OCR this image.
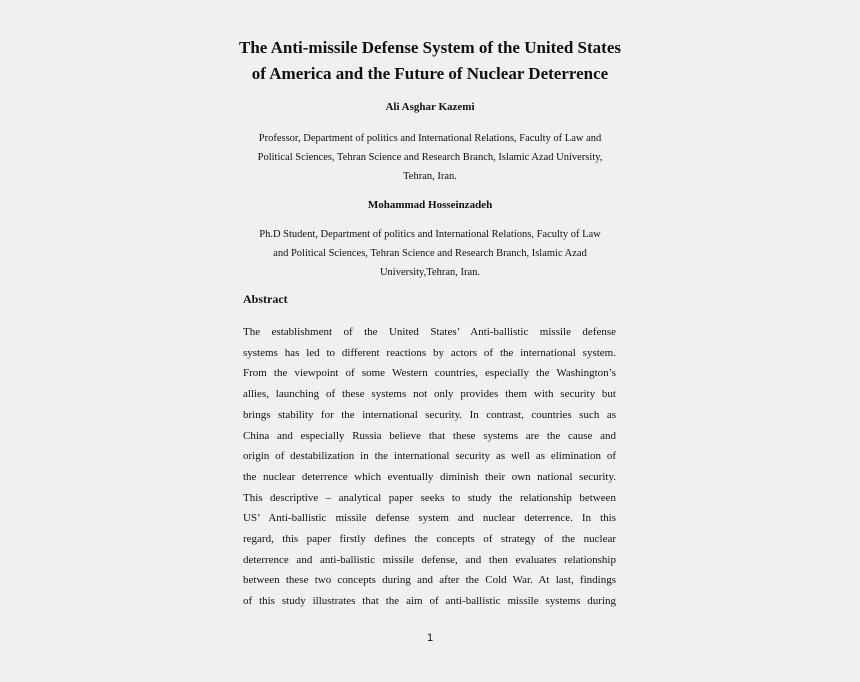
The Anti-missile Defense System of the United States
of America and the Future of Nuclear Deterrence
Ali Asghar Kazemi
Professor, Department of politics and International Relations, Faculty of Law and
Political Sciences, Tehran Science and Research Branch, Islamic Azad University,
Tehran, Iran.
Mohammad Hosseinzadeh
Ph.D Student, Department of politics and International Relations, Faculty of Law
and Political Sciences, Tehran Science and Research Branch, Islamic Azad
University,Tehran, Iran.
Abstract
The establishment of the United States’ Anti-ballistic missile defense
systems has led to different reactions by actors of the international system.
From the viewpoint of some Western countries, especially the Washington’s
allies, launching of these systems not only provides them with security but
brings stability for the international security. In contrast, countries such as
China and especially Russia believe that these systems are the cause and
origin of destabilization in the international security as well as elimination of
the nuclear deterrence which eventually diminish their own national security.
This descriptive – analytical paper seeks to study the relationship between
US’ Anti-ballistic missile defense system and nuclear deterrence. In this
regard, this paper firstly defines the concepts of strategy of the nuclear
deterrence and anti-ballistic missile defense, and then evaluates relationship
between these two concepts during and after the Cold War. At last, findings
of this study illustrates that the aim of anti-ballistic missile systems during
1
